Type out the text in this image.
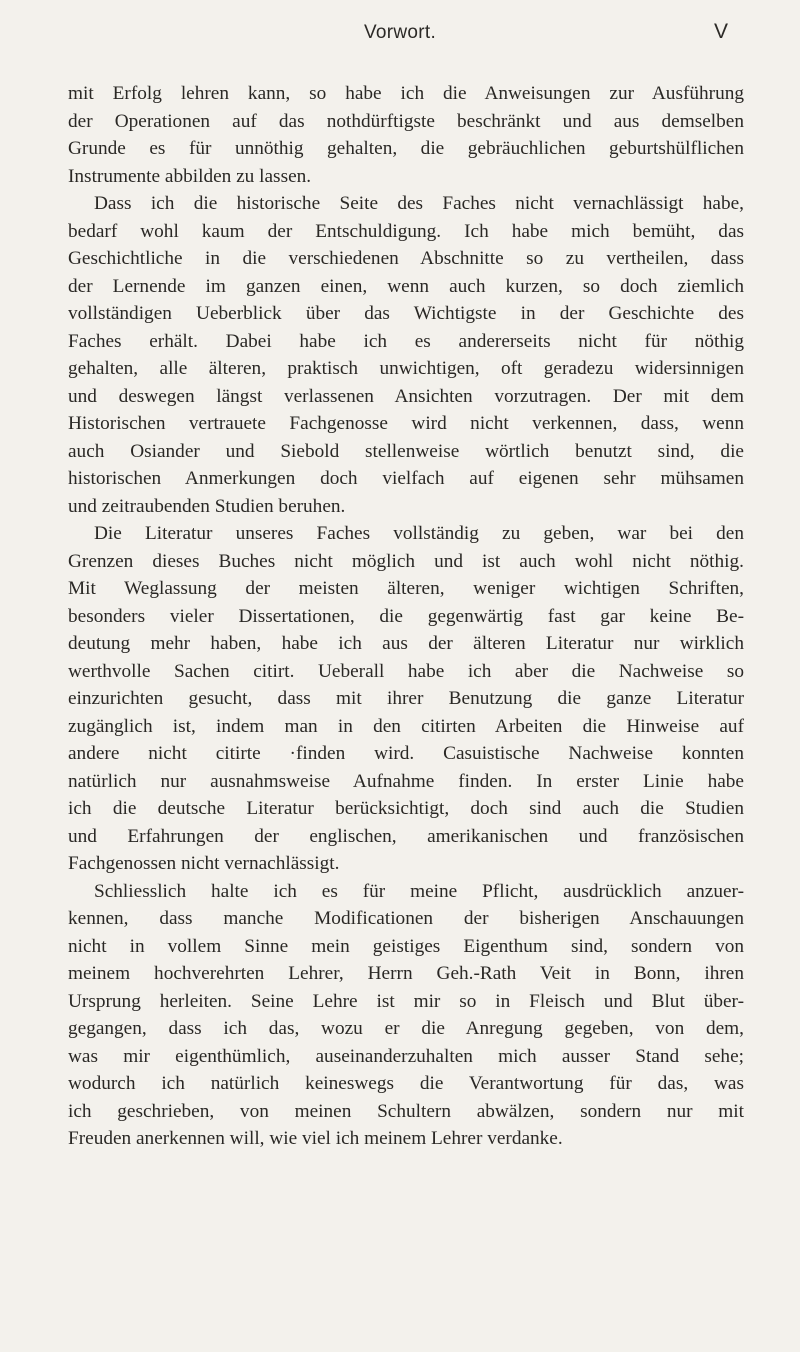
Vorwort.	V
mit Erfolg lehren kann, so habe ich die Anweisungen zur Ausführung
der Operationen auf das nothdürftigste beschränkt und aus demselben
Grunde es für unnöthig gehalten, die gebräuchlichen geburtshülflichen
Instrumente abbilden zu lassen.
Dass ich die historische Seite des Faches nicht vernachlässigt habe,
bedarf wohl kaum der Entschuldigung. Ich habe mich bemüht, das
Geschichtliche in die verschiedenen Abschnitte so zu vertheilen, dass
der Lernende im ganzen einen, wenn auch kurzen, so doch ziemlich
vollständigen Ueberblick über das Wichtigste in der Geschichte des
Faches erhält. Dabei habe ich es andererseits nicht für nöthig
gehalten, alle älteren, praktisch unwichtigen, oft geradezu widersinnigen
und deswegen längst verlassenen Ansichten vorzutragen. Der mit dem
Historischen vertrauete Fachgenosse wird nicht verkennen, dass, wenn
auch Osiander und Siebold stellenweise wörtlich benutzt sind, die
historischen Anmerkungen doch vielfach auf eigenen sehr mühsamen
und zeitraubenden Studien beruhen.
Die Literatur unseres Faches vollständig zu geben, war bei den
Grenzen dieses Buches nicht möglich und ist auch wohl nicht nöthig.
Mit Weglassung der meisten älteren, weniger wichtigen Schriften,
besonders vieler Dissertationen, die gegenwärtig fast gar keine Be-
deutung mehr haben, habe ich aus der älteren Literatur nur wirklich
werthvolle Sachen citirt. Ueberall habe ich aber die Nachweise so
einzurichten gesucht, dass mit ihrer Benutzung die ganze Literatur
zugänglich ist, indem man in den citirten Arbeiten die Hinweise auf
andere nicht citirte ·finden wird. Casuistische Nachweise konnten
natürlich nur ausnahmsweise Aufnahme finden. In erster Linie habe
ich die deutsche Literatur berücksichtigt, doch sind auch die Studien
und Erfahrungen der englischen, amerikanischen und französischen
Fachgenossen nicht vernachlässigt.
Schliesslich halte ich es für meine Pflicht, ausdrücklich anzuer-
kennen, dass manche Modificationen der bisherigen Anschauungen
nicht in vollem Sinne mein geistiges Eigenthum sind, sondern von
meinem hochverehrten Lehrer, Herrn Geh.-Rath Veit in Bonn, ihren
Ursprung herleiten. Seine Lehre ist mir so in Fleisch und Blut über-
gegangen, dass ich das, wozu er die Anregung gegeben, von dem,
was mir eigenthümlich, auseinanderzuhalten mich ausser Stand sehe;
wodurch ich natürlich keineswegs die Verantwortung für das, was
ich geschrieben, von meinen Schultern abwälzen, sondern nur mit
Freuden anerkennen will, wie viel ich meinem Lehrer verdanke.
